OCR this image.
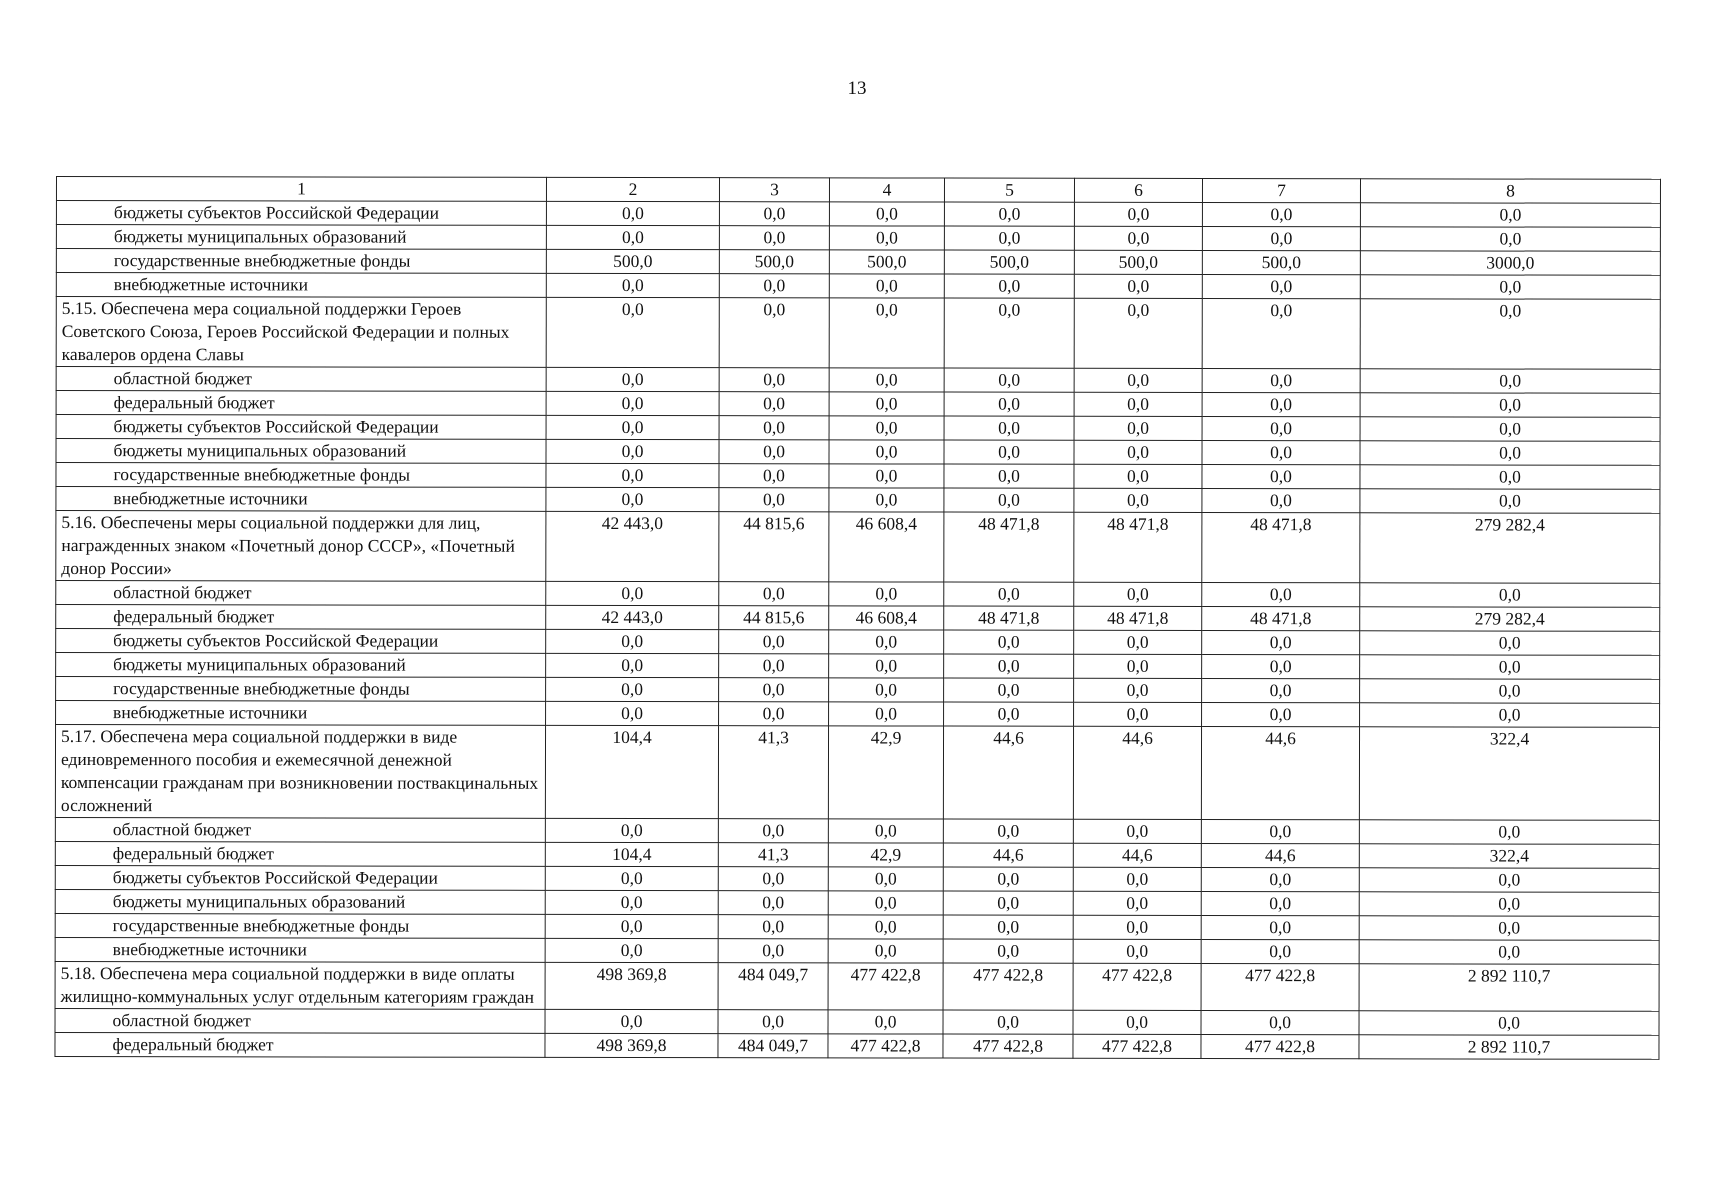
13
1	2	3	4	5	6	7	8
бюджеты субъектов Российской Федерации	0,0	0,0	0,0	0,0	0,0	0,0	0,0
бюджеты муниципальных образований	0,0	0,0	0,0	0,0	0,0	0,0	0,0
государственные внебюджетные фонды	500,0	500,0	500,0	500,0	500,0	500,0	3000,0
внебюджетные источники	0,0	0,0	0,0	0,0	0,0	0,0	0,0
5.15. Обеспечена мера социальной поддержки Героев Советского Союза, Героев Российской Федерации и полных кавалеров ордена Славы	0,0	0,0	0,0	0,0	0,0	0,0	0,0
областной бюджет	0,0	0,0	0,0	0,0	0,0	0,0	0,0
федеральный бюджет	0,0	0,0	0,0	0,0	0,0	0,0	0,0
бюджеты субъектов Российской Федерации	0,0	0,0	0,0	0,0	0,0	0,0	0,0
бюджеты муниципальных образований	0,0	0,0	0,0	0,0	0,0	0,0	0,0
государственные внебюджетные фонды	0,0	0,0	0,0	0,0	0,0	0,0	0,0
внебюджетные источники	0,0	0,0	0,0	0,0	0,0	0,0	0,0
5.16. Обеспечены меры социальной поддержки для лиц, награжденных знаком «Почетный донор СССР», «Почетный донор России»	42 443,0	44 815,6	46 608,4	48 471,8	48 471,8	48 471,8	279 282,4
областной бюджет	0,0	0,0	0,0	0,0	0,0	0,0	0,0
федеральный бюджет	42 443,0	44 815,6	46 608,4	48 471,8	48 471,8	48 471,8	279 282,4
бюджеты субъектов Российской Федерации	0,0	0,0	0,0	0,0	0,0	0,0	0,0
бюджеты муниципальных образований	0,0	0,0	0,0	0,0	0,0	0,0	0,0
государственные внебюджетные фонды	0,0	0,0	0,0	0,0	0,0	0,0	0,0
внебюджетные источники	0,0	0,0	0,0	0,0	0,0	0,0	0,0
5.17. Обеспечена мера социальной поддержки в виде единовременного пособия и ежемесячной денежной компенсации гражданам при возникновении поствакцинальных осложнений	104,4	41,3	42,9	44,6	44,6	44,6	322,4
областной бюджет	0,0	0,0	0,0	0,0	0,0	0,0	0,0
федеральный бюджет	104,4	41,3	42,9	44,6	44,6	44,6	322,4
бюджеты субъектов Российской Федерации	0,0	0,0	0,0	0,0	0,0	0,0	0,0
бюджеты муниципальных образований	0,0	0,0	0,0	0,0	0,0	0,0	0,0
государственные внебюджетные фонды	0,0	0,0	0,0	0,0	0,0	0,0	0,0
внебюджетные источники	0,0	0,0	0,0	0,0	0,0	0,0	0,0
5.18. Обеспечена мера социальной поддержки в виде оплаты жилищно-коммунальных услуг отдельным категориям граждан	498 369,8	484 049,7	477 422,8	477 422,8	477 422,8	477 422,8	2 892 110,7
областной бюджет	0,0	0,0	0,0	0,0	0,0	0,0	0,0
федеральный бюджет	498 369,8	484 049,7	477 422,8	477 422,8	477 422,8	477 422,8	2 892 110,7
